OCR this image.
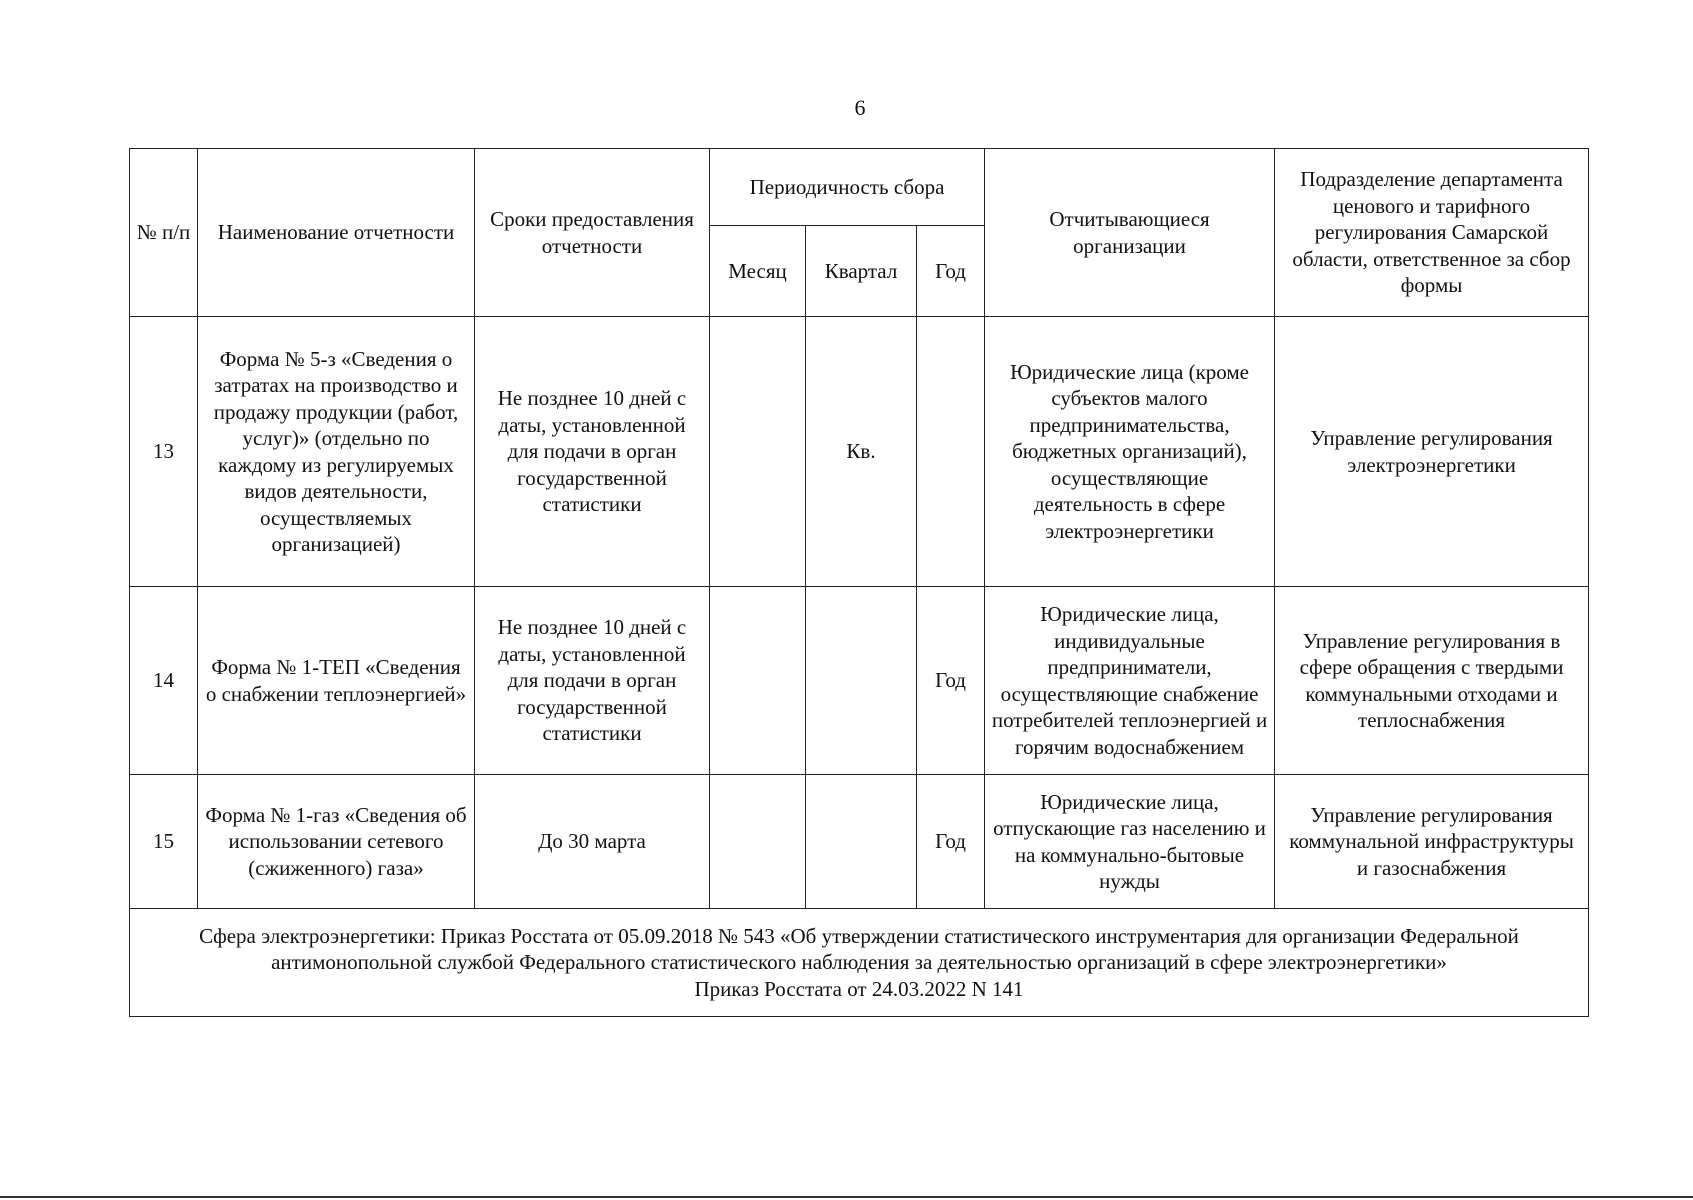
6
№ п/п	Наименование отчетности	Сроки предоставления отчетности	Периодичность сбора			Отчитывающиеся организации	Подразделение департамента ценового и тарифного регулирования Самарской области, ответственное за сбор формы
			Месяц	Квартал	Год		
13	Форма № 5-з «Сведения о затратах на производство и продажу продукции (работ, услуг)» (отдельно по каждому из регулируемых видов деятельности, осуществляемых организацией)	Не позднее 10 дней с даты, установленной для подачи в орган государственной статистики		Кв.		Юридические лица (кроме субъектов малого предпринимательства, бюджетных организаций), осуществляющие деятельность в сфере электроэнергетики	Управление регулирования электроэнергетики
14	Форма № 1-ТЕП «Сведения о снабжении теплоэнергией»	Не позднее 10 дней с даты, установленной для подачи в орган государственной статистики			Год	Юридические лица, индивидуальные предприниматели, осуществляющие снабжение потребителей теплоэнергией и горячим водоснабжением	Управление регулирования в сфере обращения с твердыми коммунальными отходами и теплоснабжения
15	Форма № 1-газ «Сведения об использовании сетевого (сжиженного) газа»	До 30 марта			Год	Юридические лица, отпускающие газ населению и на коммунально-бытовые нужды	Управление регулирования коммунальной инфраструктуры и газоснабжения

Сфера электроэнергетики: Приказ Росстата от 05.09.2018 № 543 «Об утверждении статистического инструментария для организации Федеральной антимонопольной службой Федерального статистического наблюдения за деятельностью организаций в сфере электроэнергетики»
Приказ Росстата от 24.03.2022 N 141							
